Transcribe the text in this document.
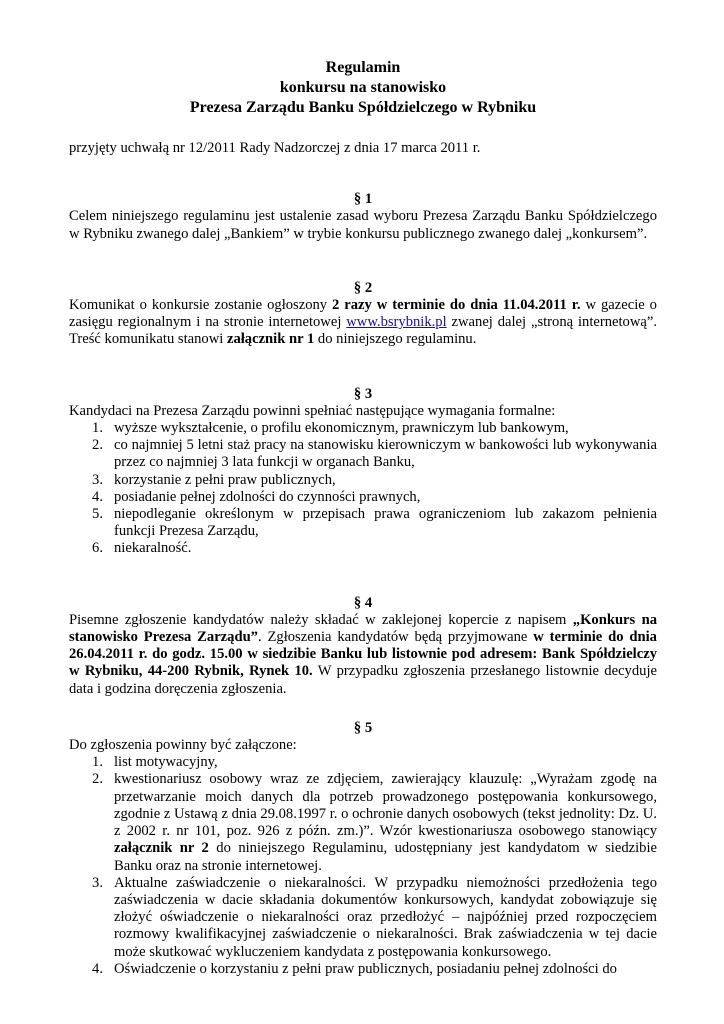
Regulamin
konkursu na stanowisko
Prezesa Zarządu Banku Spółdzielczego w Rybniku

przyjęty uchwałą nr 12/2011 Rady Nadzorczej z dnia 17 marca 2011 r.

§ 1

Celem niniejszego regulaminu jest ustalenie zasad wyboru Prezesa Zarządu Banku Spółdzielczego w Rybniku zwanego dalej „Bankiem” w trybie konkursu publicznego zwanego dalej „konkursem”.

§ 2

Komunikat o konkursie zostanie ogłoszony 2 razy w terminie do dnia 11.04.2011 r. w gazecie o zasięgu regionalnym i na stronie internetowej www.bsrybnik.pl zwanej dalej „stroną internetową”. Treść komunikatu stanowi załącznik nr 1 do niniejszego regulaminu.

§ 3

Kandydaci na Prezesa Zarządu powinni spełniać następujące wymagania formalne:

1. wyższe wykształcenie, o profilu ekonomicznym, prawniczym lub bankowym,
2. co najmniej 5 letni staż pracy na stanowisku kierowniczym w bankowości lub wykonywania przez co najmniej 3 lata funkcji w organach Banku,
3. korzystanie z pełni praw publicznych,
4. posiadanie pełnej zdolności do czynności prawnych,
5. niepodleganie określonym w przepisach prawa ograniczeniom lub zakazom pełnienia funkcji Prezesa Zarządu,
6. niekaralność.
§ 4

Pisemne zgłoszenie kandydatów należy składać w zaklejonej kopercie z napisem „Konkurs na stanowisko Prezesa Zarządu”. Zgłoszenia kandydatów będą przyjmowane w terminie do dnia 26.04.2011 r. do godz. 15.00 w siedzibie Banku lub listownie pod adresem: Bank Spółdzielczy w Rybniku, 44-200 Rybnik, Rynek 10. W przypadku zgłoszenia przesłanego listownie decyduje data i godzina doręczenia zgłoszenia.

§ 5

Do zgłoszenia powinny być załączone:

1. list motywacyjny,
2. kwestionariusz osobowy wraz ze zdjęciem, zawierający klauzulę: „Wyrażam zgodę na przetwarzanie moich danych dla potrzeb prowadzonego postępowania konkursowego, zgodnie z Ustawą z dnia 29.08.1997 r. o ochronie danych osobowych (tekst jednolity: Dz. U. z 2002 r. nr 101, poz. 926 z późn. zm.)”. Wzór kwestionariusza osobowego stanowiący załącznik nr 2 do niniejszego Regulaminu, udostępniany jest kandydatom w siedzibie Banku oraz na stronie internetowej.
3. Aktualne zaświadczenie o niekaralności. W przypadku niemożności przedłożenia tego zaświadczenia w dacie składania dokumentów konkursowych, kandydat zobowiązuje się złożyć oświadczenie o niekaralności oraz przedłożyć – najpóźniej przed rozpoczęciem rozmowy kwalifikacyjnej zaświadczenie o niekaralności. Brak zaświadczenia w tej dacie może skutkować wykluczeniem kandydata z postępowania konkursowego.
4. Oświadczenie o korzystaniu z pełni praw publicznych, posiadaniu pełnej zdolności do
